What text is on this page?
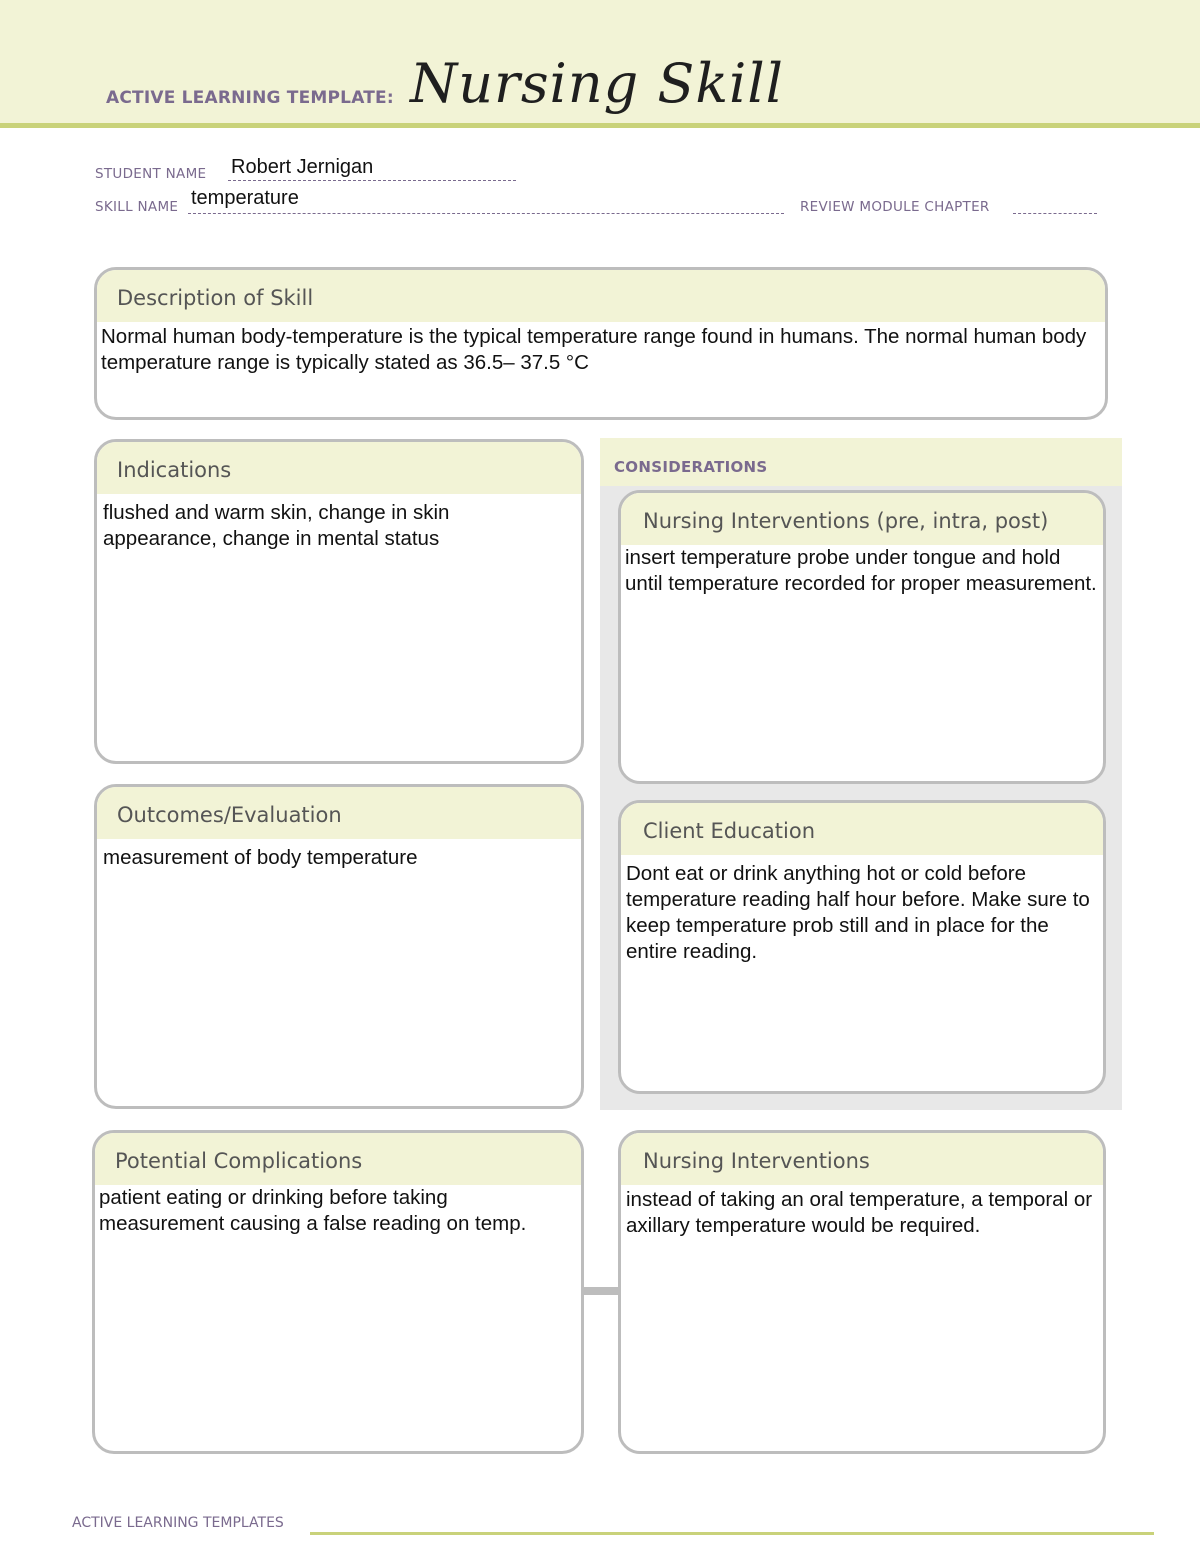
ACTIVE LEARNING TEMPLATE: Nursing Skill
STUDENT NAME Robert Jernigan
SKILL NAME temperature	REVIEW MODULE CHAPTER
Description of Skill
Normal human body-temperature is the typical temperature range found in humans. The normal human body temperature range is typically stated as 36.5– 37.5 °C
Indications
flushed and warm skin, change in skin appearance, change in mental status
Outcomes/Evaluation
measurement of body temperature
CONSIDERATIONS
Nursing Interventions (pre, intra, post)
insert temperature probe under tongue and hold until temperature recorded for proper measurement.
Client Education
Dont eat or drink anything hot or cold before temperature reading half hour before. Make sure to keep temperature prob still and in place for the entire reading.
Potential Complications
patient eating or drinking before taking measurement causing a false reading on temp.
Nursing Interventions
instead of taking an oral temperature, a temporal or axillary temperature would be required.
ACTIVE LEARNING TEMPLATES
